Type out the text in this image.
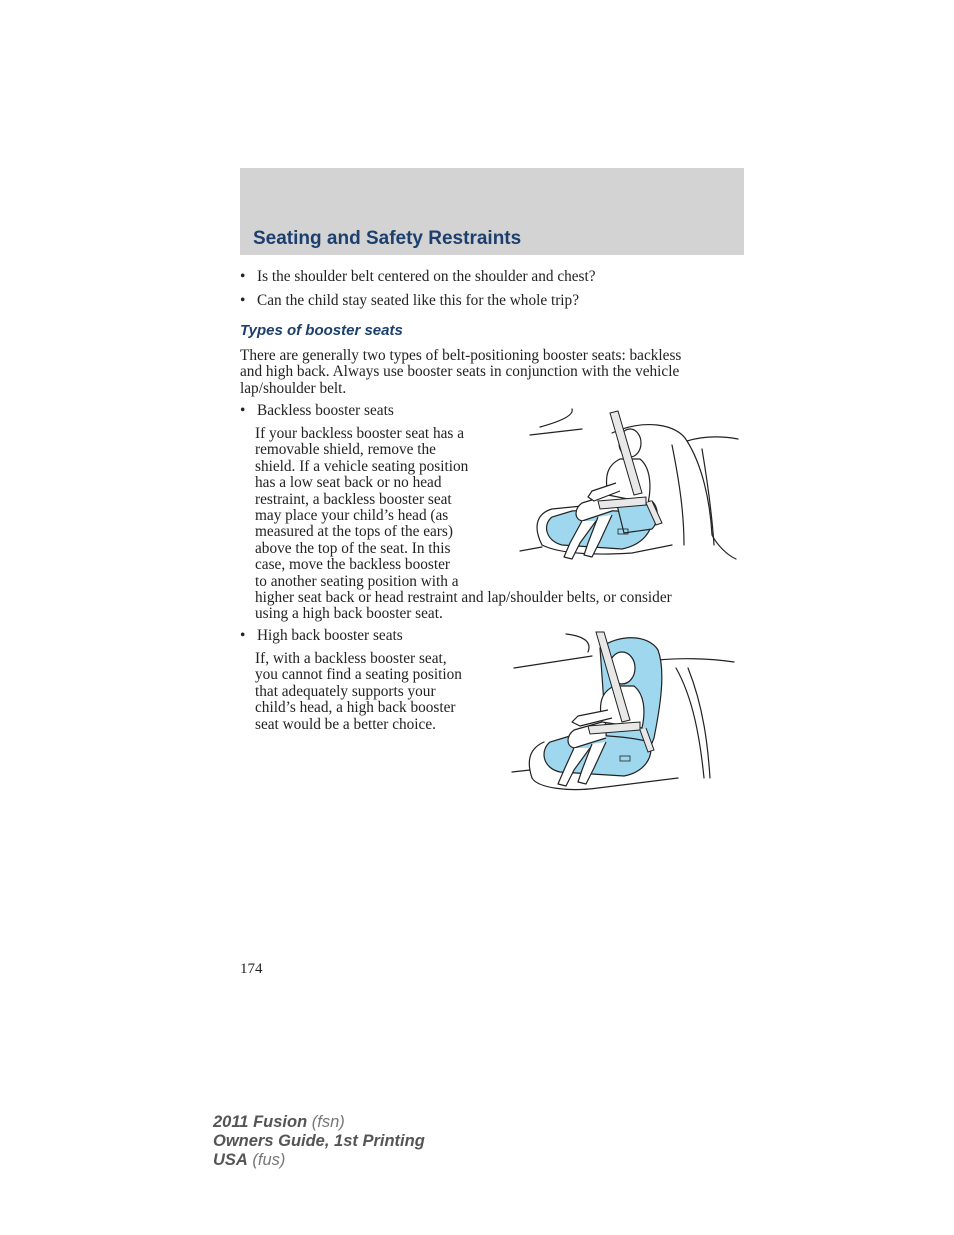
Seating and Safety Restraints
• Is the shoulder belt centered on the shoulder and chest?
• Can the child stay seated like this for the whole trip?
Types of booster seats
There are generally two types of belt-positioning booster seats: backless
and high back. Always use booster seats in conjunction with the vehicle
lap/shoulder belt.
• Backless booster seats
If your backless booster seat has a
removable shield, remove the
shield. If a vehicle seating position
has a low seat back or no head
restraint, a backless booster seat
may place your child’s head (as
measured at the tops of the ears)
above the top of the seat. In this
case, move the backless booster
to another seating position with a
higher seat back or head restraint and lap/shoulder belts, or consider
using a high back booster seat.
• High back booster seats
If, with a backless booster seat,
you cannot find a seating position
that adequately supports your
child’s head, a high back booster
seat would be a better choice.
174
2011 Fusion (fsn)
Owners Guide, 1st Printing
USA (fus)
